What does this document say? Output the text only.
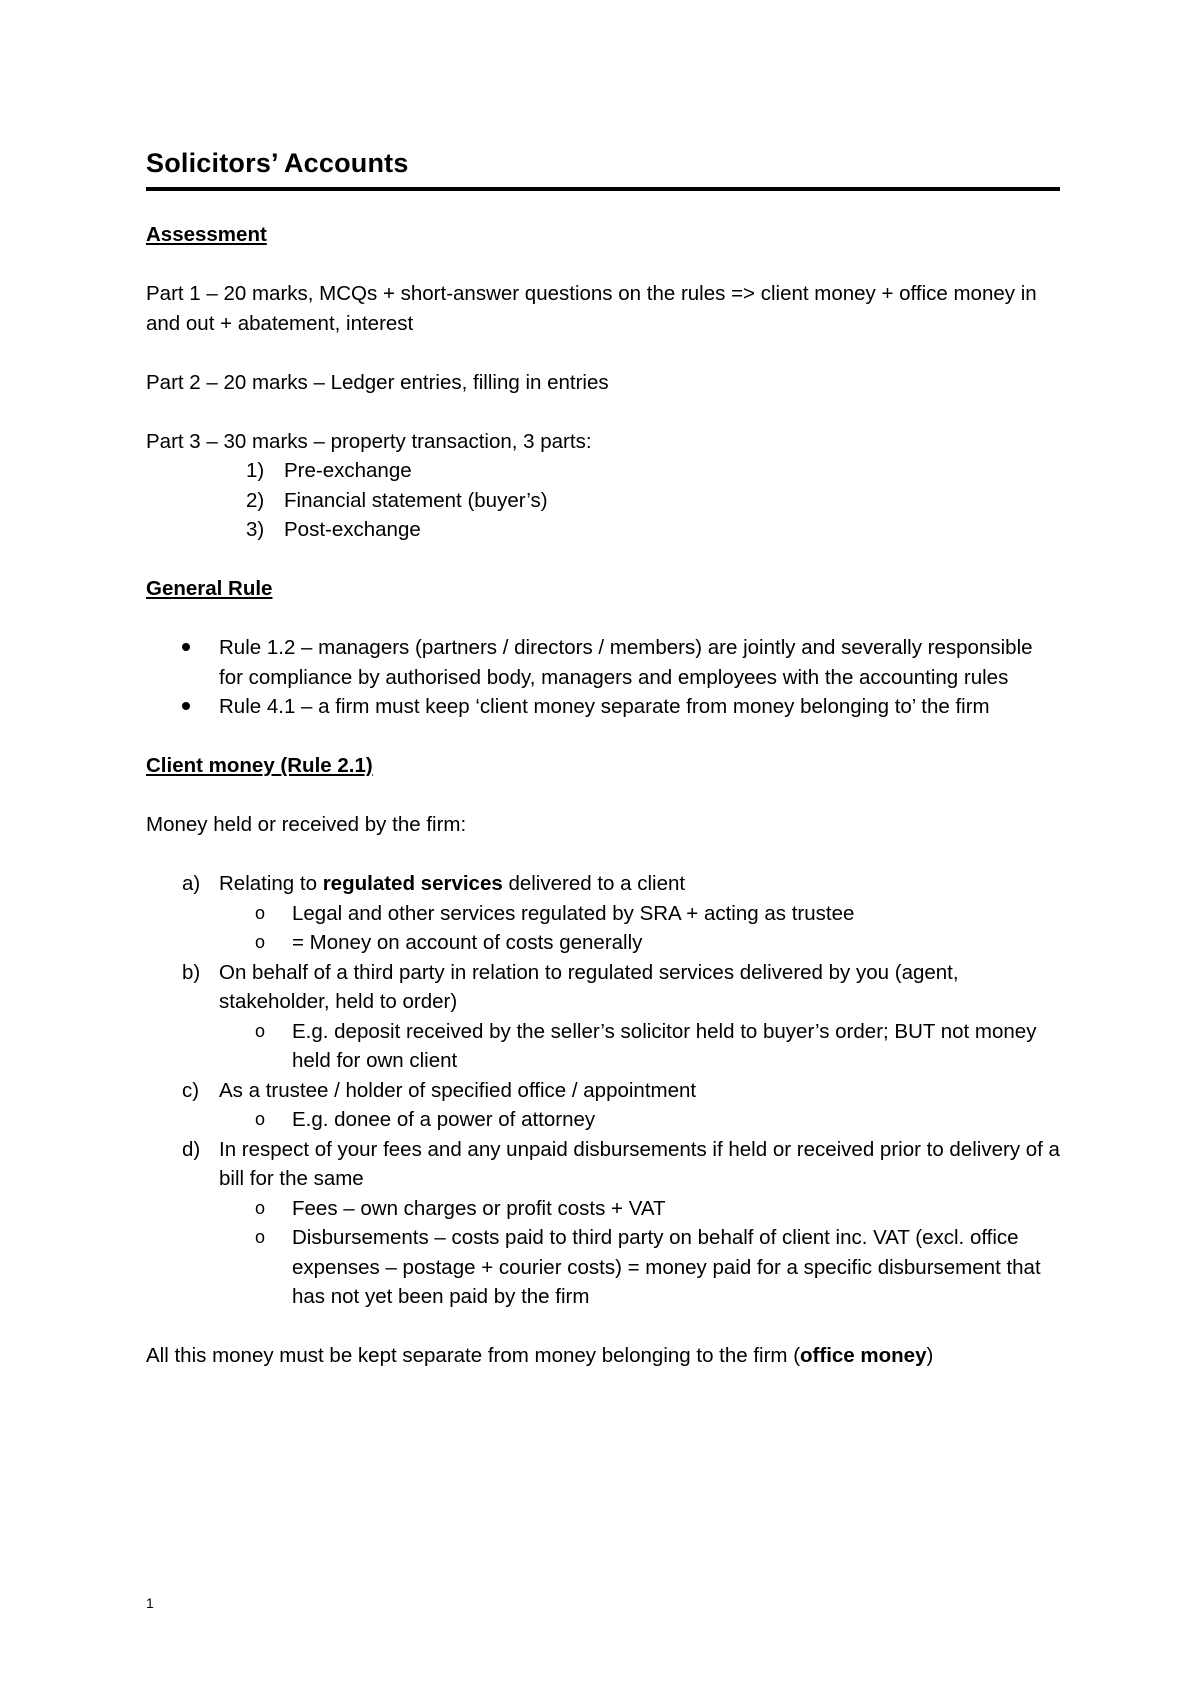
Solicitors’ Accounts

Assessment

Part 1 – 20 marks, MCQs + short-answer questions on the rules => client money + office money in and out + abatement, interest

Part 2 – 20 marks – Ledger entries, filling in entries

Part 3 – 30 marks – property transaction, 3 parts:

1) Pre-exchange
2) Financial statement (buyer’s)
3) Post-exchange

General Rule

Rule 1.2 – managers (partners / directors / members) are jointly and severally responsible for compliance by authorised body, managers and employees with the accounting rules
Rule 4.1 – a firm must keep ‘client money separate from money belonging to’ the firm

Client money (Rule 2.1)

Money held or received by the firm:

a) Relating to regulated services delivered to a client
o Legal and other services regulated by SRA + acting as trustee
o = Money on account of costs generally
b) On behalf of a third party in relation to regulated services delivered by you (agent, stakeholder, held to order)
o E.g. deposit received by the seller’s solicitor held to buyer’s order; BUT not money held for own client
c) As a trustee / holder of specified office / appointment
o E.g. donee of a power of attorney
d) In respect of your fees and any unpaid disbursements if held or received prior to delivery of a bill for the same
o Fees – own charges or profit costs + VAT
o Disbursements – costs paid to third party on behalf of client inc. VAT (excl. office expenses – postage + courier costs) = money paid for a specific disbursement that has not yet been paid by the firm

All this money must be kept separate from money belonging to the firm (office money)

1
